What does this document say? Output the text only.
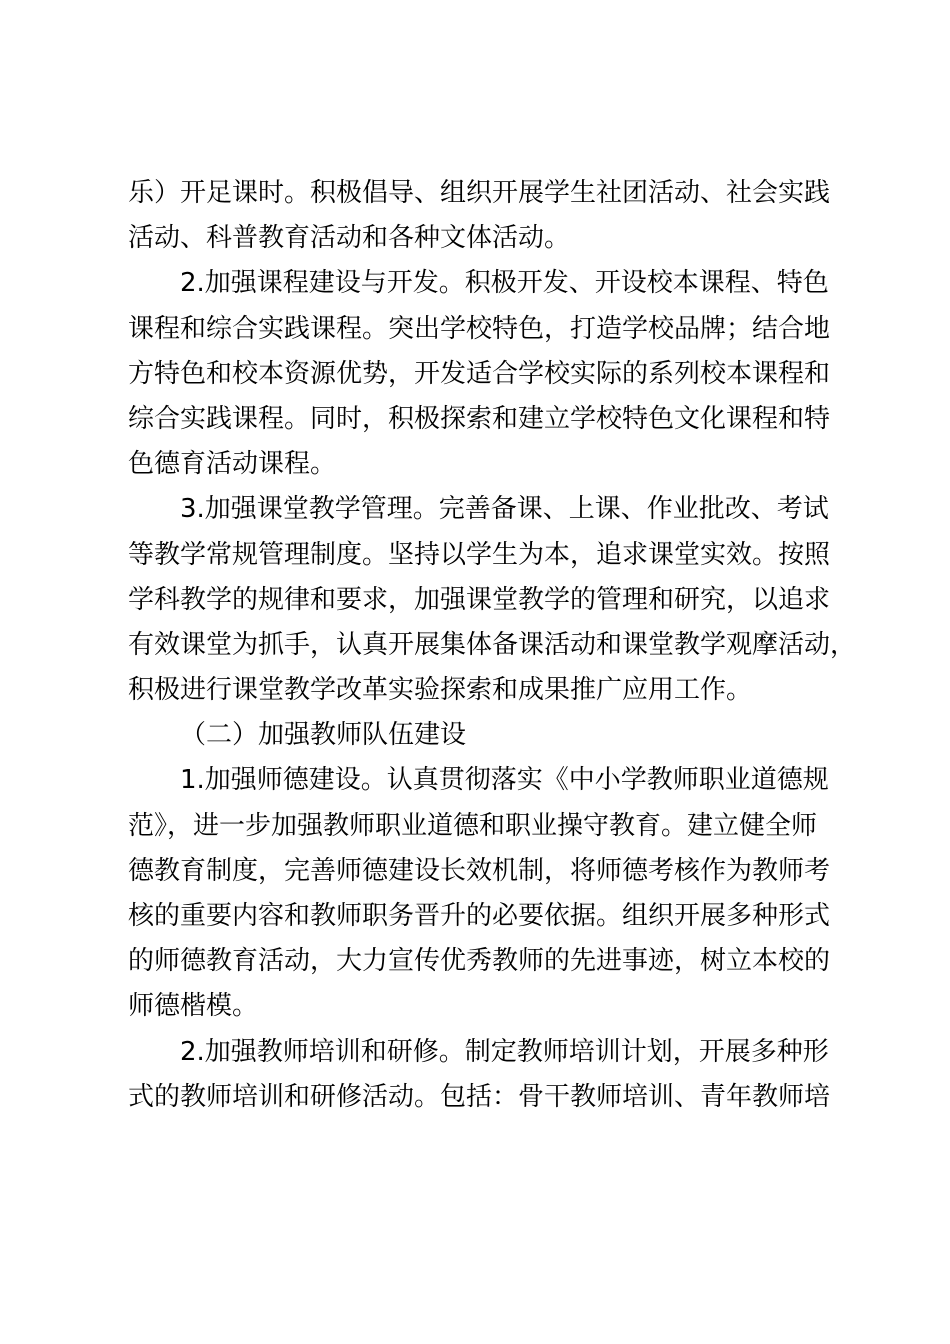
乐）开足课时。积极倡导、组织开展学生社团活动、社会实践
活动、科普教育活动和各种文体活动。
2.加强课程建设与开发。积极开发、开设校本课程、特色
课程和综合实践课程。突出学校特色，打造学校品牌；结合地
方特色和校本资源优势，开发适合学校实际的系列校本课程和
综合实践课程。同时，积极探索和建立学校特色文化课程和特
色德育活动课程。
3.加强课堂教学管理。完善备课、上课、作业批改、考试
等教学常规管理制度。坚持以学生为本，追求课堂实效。按照
学科教学的规律和要求，加强课堂教学的管理和研究，以追求
有效课堂为抓手，认真开展集体备课活动和课堂教学观摩活动，
积极进行课堂教学改革实验探索和成果推广应用工作。
（二）加强教师队伍建设
1.加强师德建设。认真贯彻落实《中小学教师职业道德规
范》，进一步加强教师职业道德和职业操守教育。建立健全师
德教育制度，完善师德建设长效机制，将师德考核作为教师考
核的重要内容和教师职务晋升的必要依据。组织开展多种形式
的师德教育活动，大力宣传优秀教师的先进事迹，树立本校的
师德楷模。
2.加强教师培训和研修。制定教师培训计划，开展多种形
式的教师培训和研修活动。包括：骨干教师培训、青年教师培
